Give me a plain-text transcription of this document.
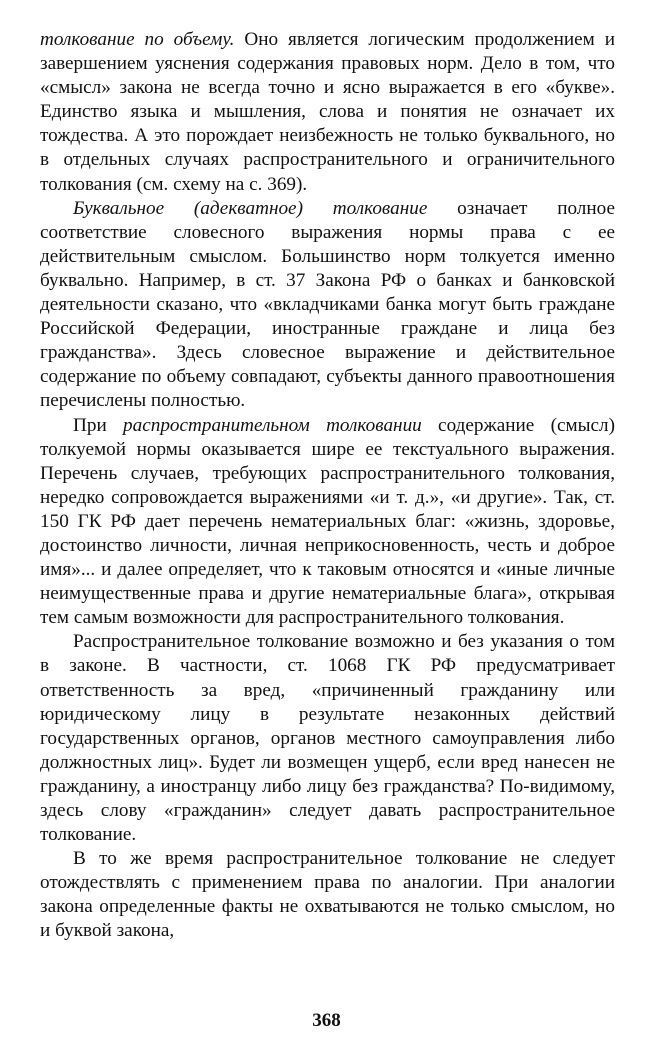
толкование по объему. Оно является логическим продолжением и завершением уяснения содержания правовых норм. Дело в том, что «смысл» закона не всегда точно и ясно выражается в его «букве». Единство языка и мышления, слова и понятия не означает их тождества. А это порождает неизбежность не только буквального, но в отдельных случаях распространительного и ограничительного толкования (см. схему на с. 369).

Буквальное (адекватное) толкование означает полное соответствие словесного выражения нормы права с ее действительным смыслом. Большинство норм толкуется именно буквально. Например, в ст. 37 Закона РФ о банках и банковской деятельности сказано, что «вкладчиками банка могут быть граждане Российской Федерации, иностранные граждане и лица без гражданства». Здесь словесное выражение и действительное содержание по объему совпадают, субъекты данного правоотношения перечислены полностью.

При распространительном толковании содержание (смысл) толкуемой нормы оказывается шире ее текстуального выражения. Перечень случаев, требующих распространительного толкования, нередко сопровождается выражениями «и т. д.», «и другие». Так, ст. 150 ГК РФ дает перечень нематериальных благ: «жизнь, здоровье, достоинство личности, личная неприкосновенность, честь и доброе имя»... и далее определяет, что к таковым относятся и «иные личные неимущественные права и другие нематериальные блага», открывая тем самым возможности для распространительного толкования.

Распространительное толкование возможно и без указания о том в законе. В частности, ст. 1068 ГК РФ предусматривает ответственность за вред, «причиненный гражданину или юридическому лицу в результате незаконных действий государственных органов, органов местного самоуправления либо должностных лиц». Будет ли возмещен ущерб, если вред нанесен не гражданину, а иностранцу либо лицу без гражданства? По-видимому, здесь слову «гражданин» следует давать распространительное толкование.

В то же время распространительное толкование не следует отождествлять с применением права по аналогии. При аналогии закона определенные факты не охватываются не только смыслом, но и буквой закона,

368
